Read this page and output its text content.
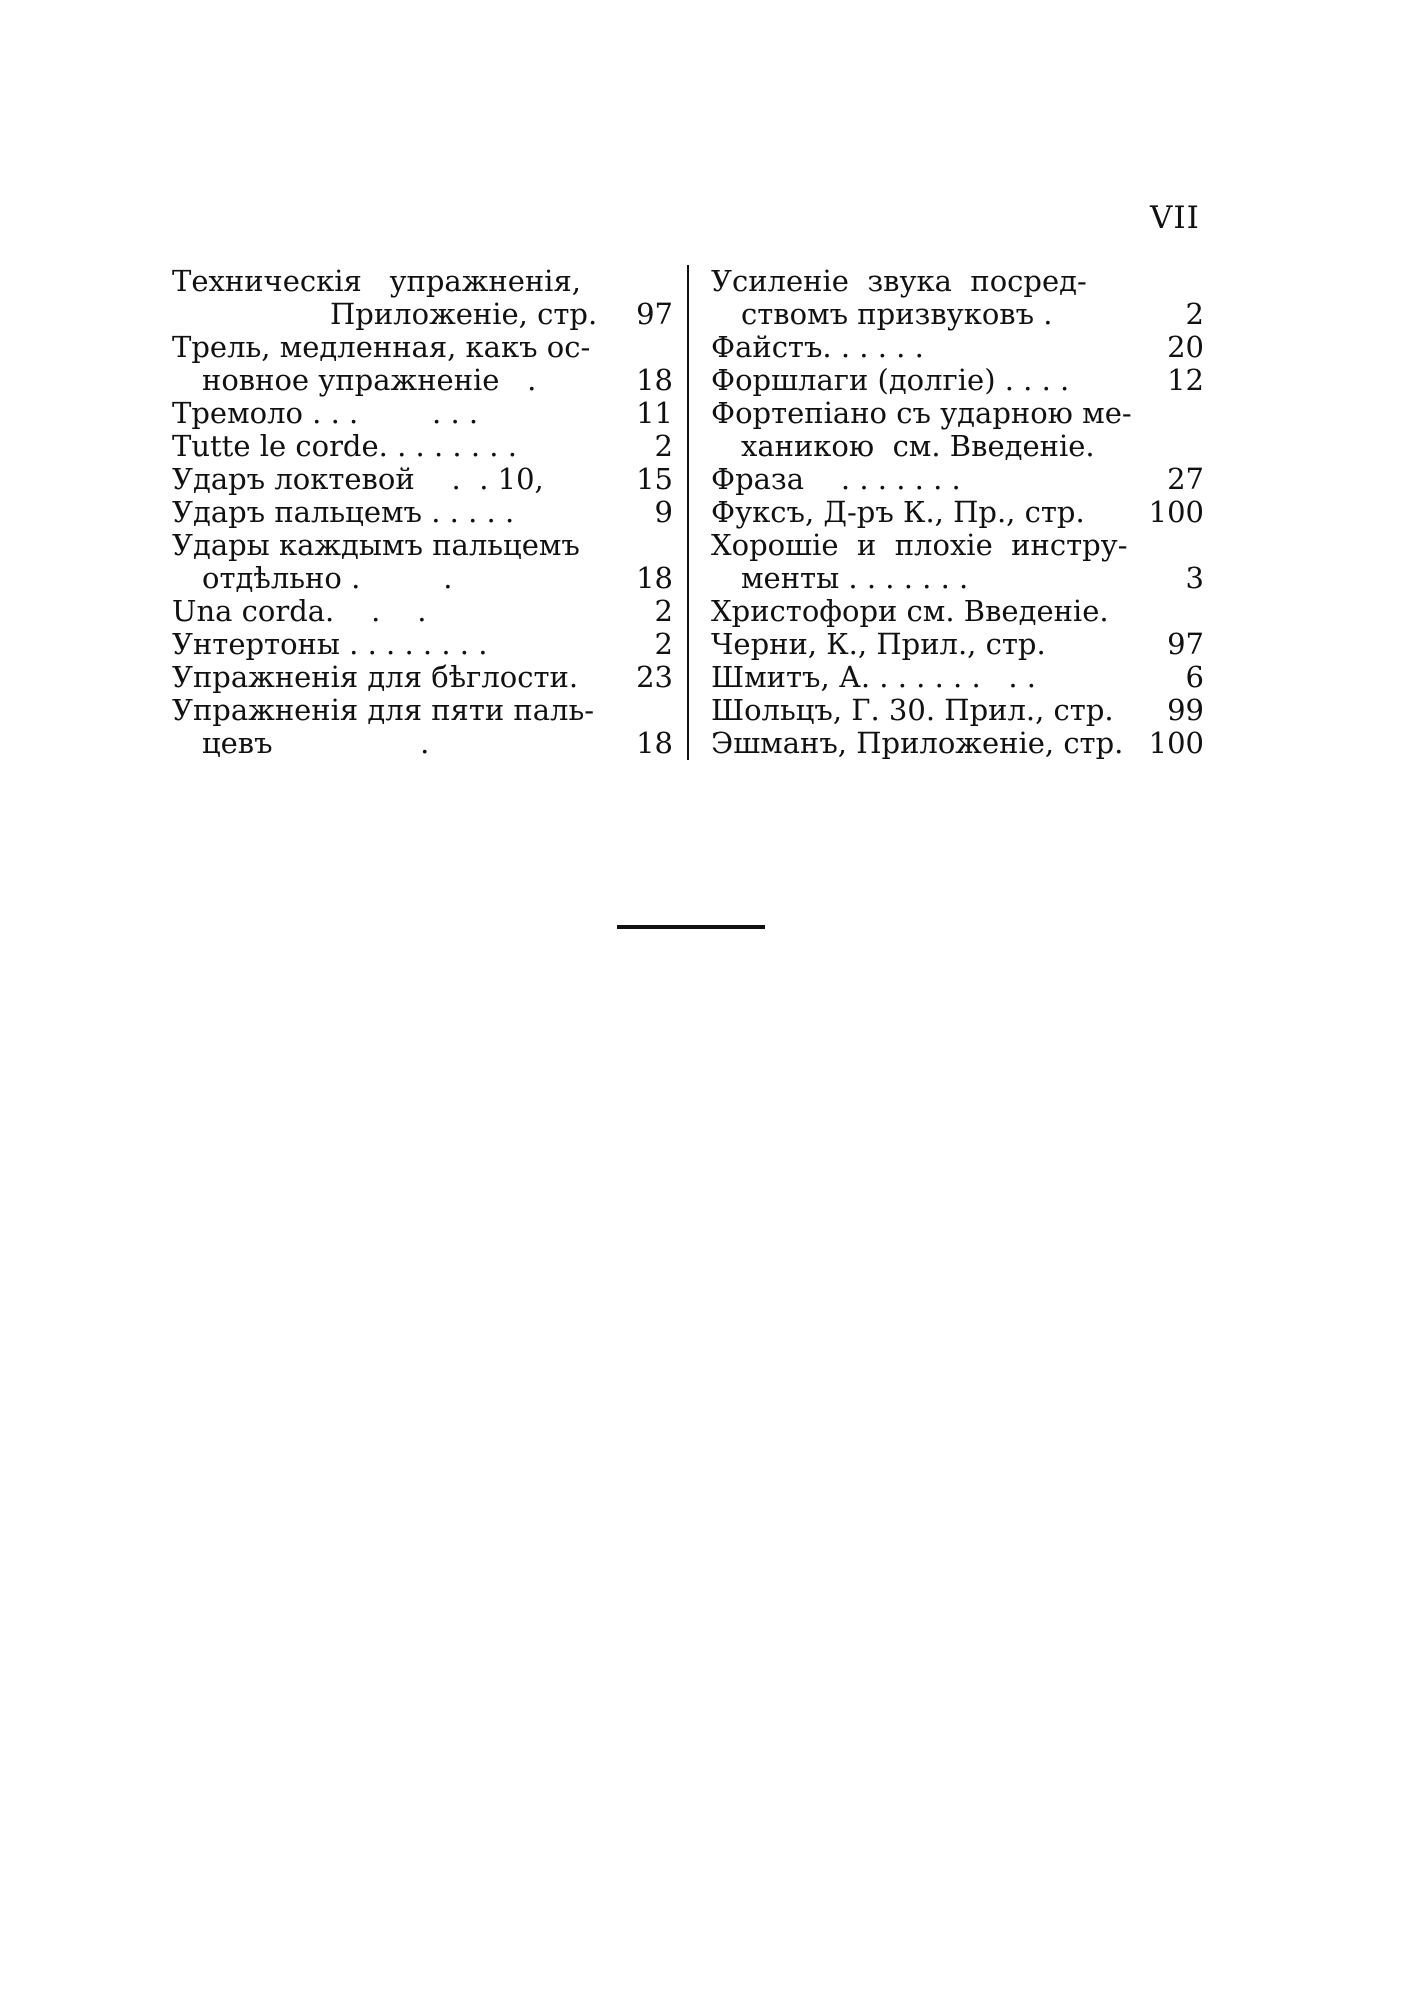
VII
Техническія   упражненія,
Приложеніе, стр.	97
Трель, медленная, какъ ос-
новное упражненіе   .	18
Тремоло . . .        . . .	11
Tutte le corde. . . . . . . .	2
Ударъ локтевой    .  . 10,	15
Ударъ пальцемъ . . . . .	9
Удары каждымъ пальцемъ
отдѣльно .         .	18
Una corda.    .    .	2
Унтертоны . . . . . . . .	2
Упражненія для бѣглости.	23
Упражненія для пяти паль-
цевъ                .	18
Усиленіе  звука  посред-
ствомъ призвуковъ .	2
Файстъ. . . . . .	20
Форшлаги (долгіе) . . . .	12
Фортепіано съ ударною ме-
ханикою  см. Введеніе.
Фраза    . . . . . . .	27
Фуксъ, Д-ръ К., Пр., стр.	100
Хорошіе  и  плохіе  инстру-
менты . . . . . . .	3
Христофори см. Введеніе.
Черни, К., Прил., стр.	97
Шмитъ, А. . . . . . .   . .	6
Шольцъ, Г. 30. Прил., стр.	99
Эшманъ, Приложеніе, стр. 100
